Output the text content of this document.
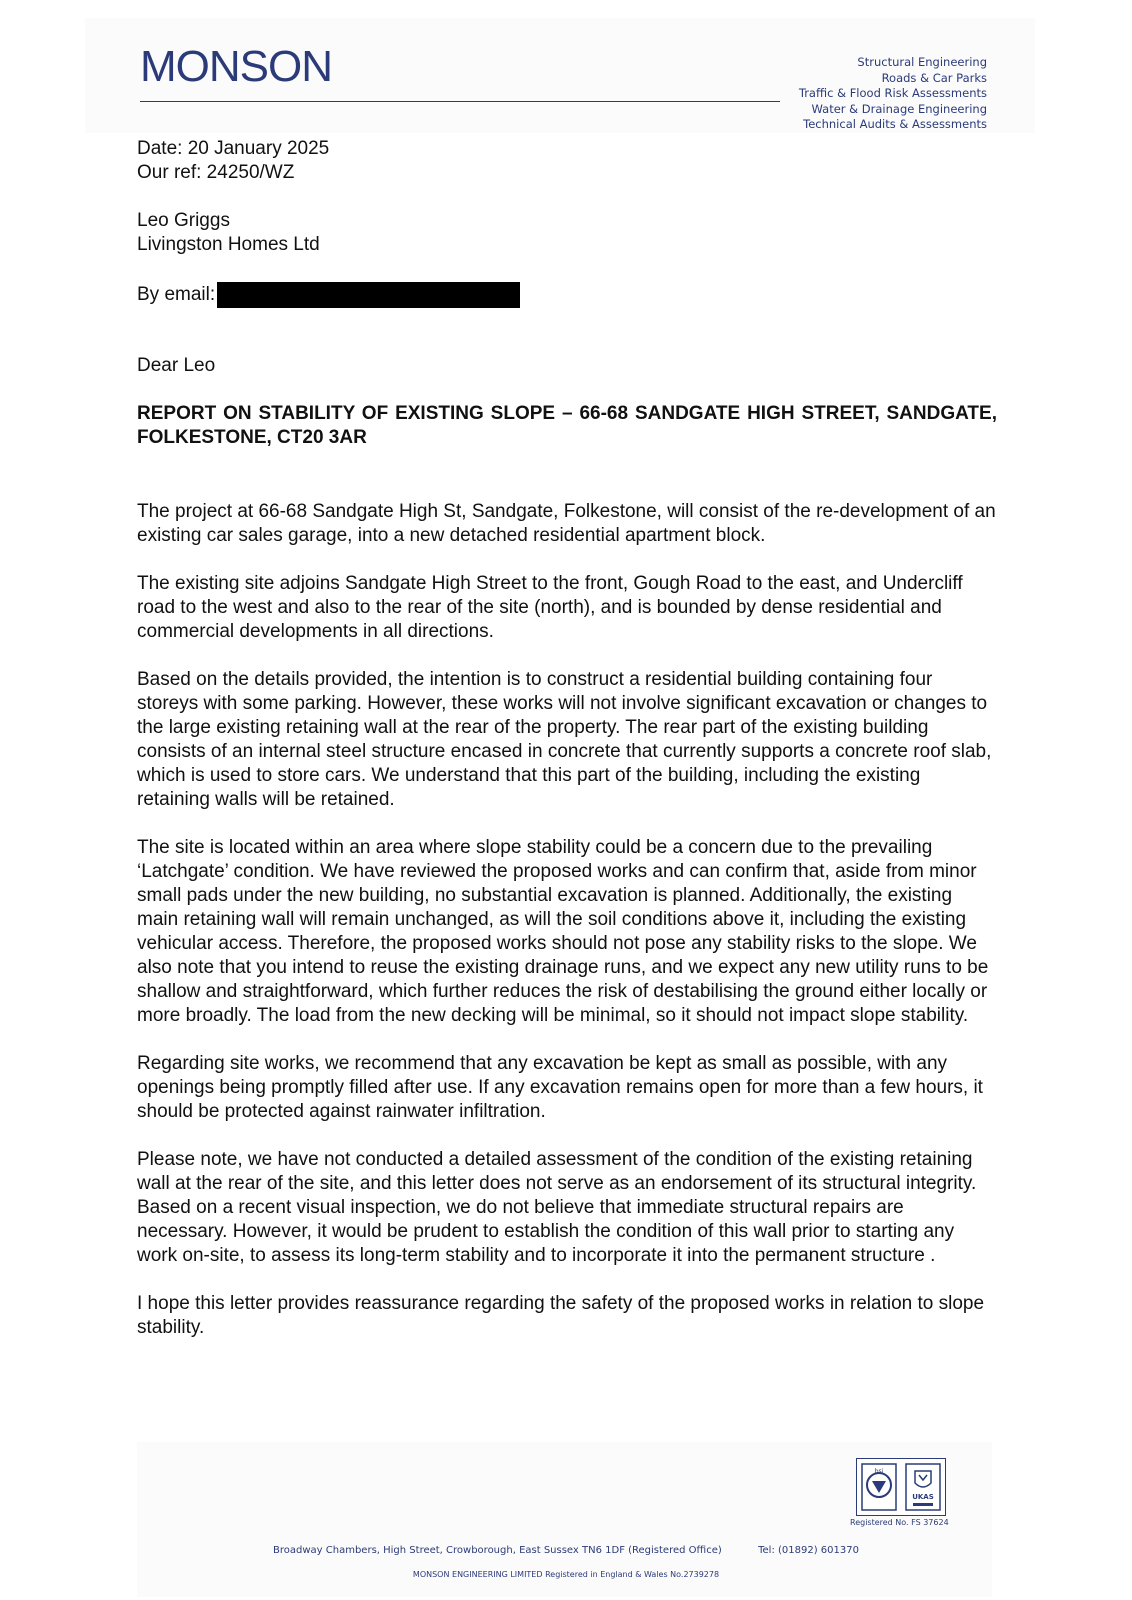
MONSON	Structural Engineering
Roads & Car Parks
Traffic & Flood Risk Assessments
Water & Drainage Engineering
Technical Audits & Assessments
Date: 20 January 2025
Our ref: 24250/WZ
Leo Griggs
Livingston Homes Ltd
By email:
Dear Leo
REPORT ON STABILITY OF EXISTING SLOPE – 66-68 SANDGATE HIGH STREET, SANDGATE, FOLKESTONE, CT20 3AR

The project at 66-68 Sandgate High St, Sandgate, Folkestone, will consist of the re-development of an existing car sales garage, into a new detached residential apartment block.

The existing site adjoins Sandgate High Street to the front, Gough Road to the east, and Undercliff road to the west and also to the rear of the site (north), and is bounded by dense residential and commercial developments in all directions.

Based on the details provided, the intention is to construct a residential building containing four storeys with some parking. However, these works will not involve significant excavation or changes to the large existing retaining wall at the rear of the property. The rear part of the existing building consists of an internal steel structure encased in concrete that currently supports a concrete roof slab, which is used to store cars. We understand that this part of the building, including the existing retaining walls will be retained.

The site is located within an area where slope stability could be a concern due to the prevailing ‘Latchgate’ condition. We have reviewed the proposed works and can confirm that, aside from minor small pads under the new building, no substantial excavation is planned. Additionally, the existing main retaining wall will remain unchanged, as will the soil conditions above it, including the existing vehicular access. Therefore, the proposed works should not pose any stability risks to the slope. We also note that you intend to reuse the existing drainage runs, and we expect any new utility runs to be shallow and straightforward, which further reduces the risk of destabilising the ground either locally or more broadly. The load from the new decking will be minimal, so it should not impact slope stability.

Regarding site works, we recommend that any excavation be kept as small as possible, with any openings being promptly filled after use. If any excavation remains open for more than a few hours, it should be protected against rainwater infiltration.

Please note, we have not conducted a detailed assessment of the condition of the existing retaining wall at the rear of the site, and this letter does not serve as an endorsement of its structural integrity. Based on a recent visual inspection, we do not believe that immediate structural repairs are necessary. However, it would be prudent to establish the condition of this wall prior to starting any work on-site, to assess its long-term stability and to incorporate it into the permanent structure .

I hope this letter provides reassurance regarding the safety of the proposed works in relation to slope stability.

bsi
UKAS
Registered No. FS 37624
Broadway Chambers, High Street, Crowborough, East Sussex TN6 1DF (Registered Office)	Tel: (01892) 601370
MONSON ENGINEERING LIMITED Registered in England & Wales No.2739278
